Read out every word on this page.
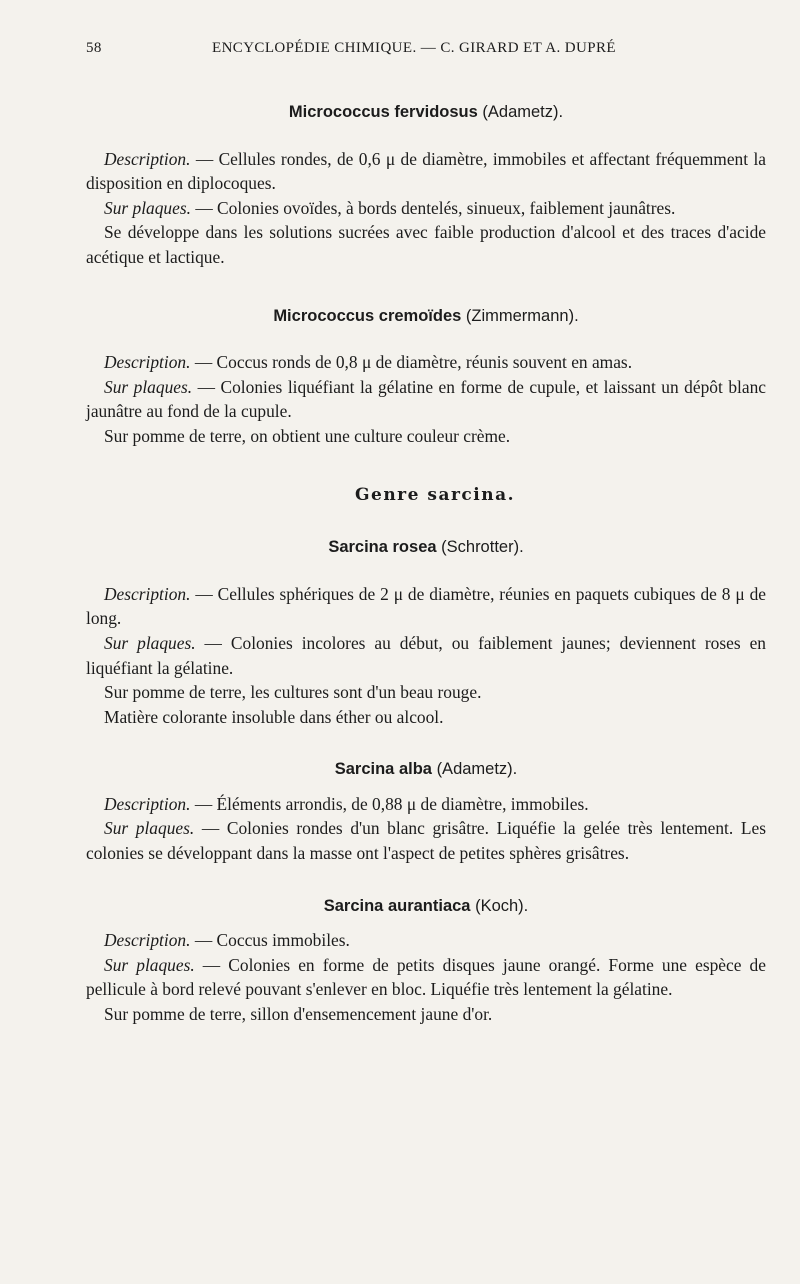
58	ENCYCLOPÉDIE CHIMIQUE. — C. GIRARD ET A. DUPRÉ

Micrococcus fervidosus (Adametz).

Description. — Cellules rondes, de 0,6 μ de diamètre, immobiles et affectant fréquemment la disposition en diplocoques.

Sur plaques. — Colonies ovoïdes, à bords dentelés, sinueux, faiblement jaunâtres.

Se développe dans les solutions sucrées avec faible production d'alcool et des traces d'acide acétique et lactique.

Micrococcus cremoïdes (Zimmermann).

Description. — Coccus ronds de 0,8 μ de diamètre, réunis souvent en amas.

Sur plaques. — Colonies liquéfiant la gélatine en forme de cupule, et laissant un dépôt blanc jaunâtre au fond de la cupule.

Sur pomme de terre, on obtient une culture couleur crème.

Genre sarcina.

Sarcina rosea (Schrotter).

Description. — Cellules sphériques de 2 μ de diamètre, réunies en paquets cubiques de 8 μ de long.

Sur plaques. — Colonies incolores au début, ou faiblement jaunes; deviennent roses en liquéfiant la gélatine.

Sur pomme de terre, les cultures sont d'un beau rouge.

Matière colorante insoluble dans éther ou alcool.

Sarcina alba (Adametz).

Description. — Éléments arrondis, de 0,88 μ de diamètre, immobiles.

Sur plaques. — Colonies rondes d'un blanc grisâtre. Liquéfie la gelée très lentement. Les colonies se développant dans la masse ont l'aspect de petites sphères grisâtres.

Sarcina aurantiaca (Koch).

Description. — Coccus immobiles.

Sur plaques. — Colonies en forme de petits disques jaune orangé. Forme une espèce de pellicule à bord relevé pouvant s'enlever en bloc. Liquéfie très lentement la gélatine.

Sur pomme de terre, sillon d'ensemencement jaune d'or.
